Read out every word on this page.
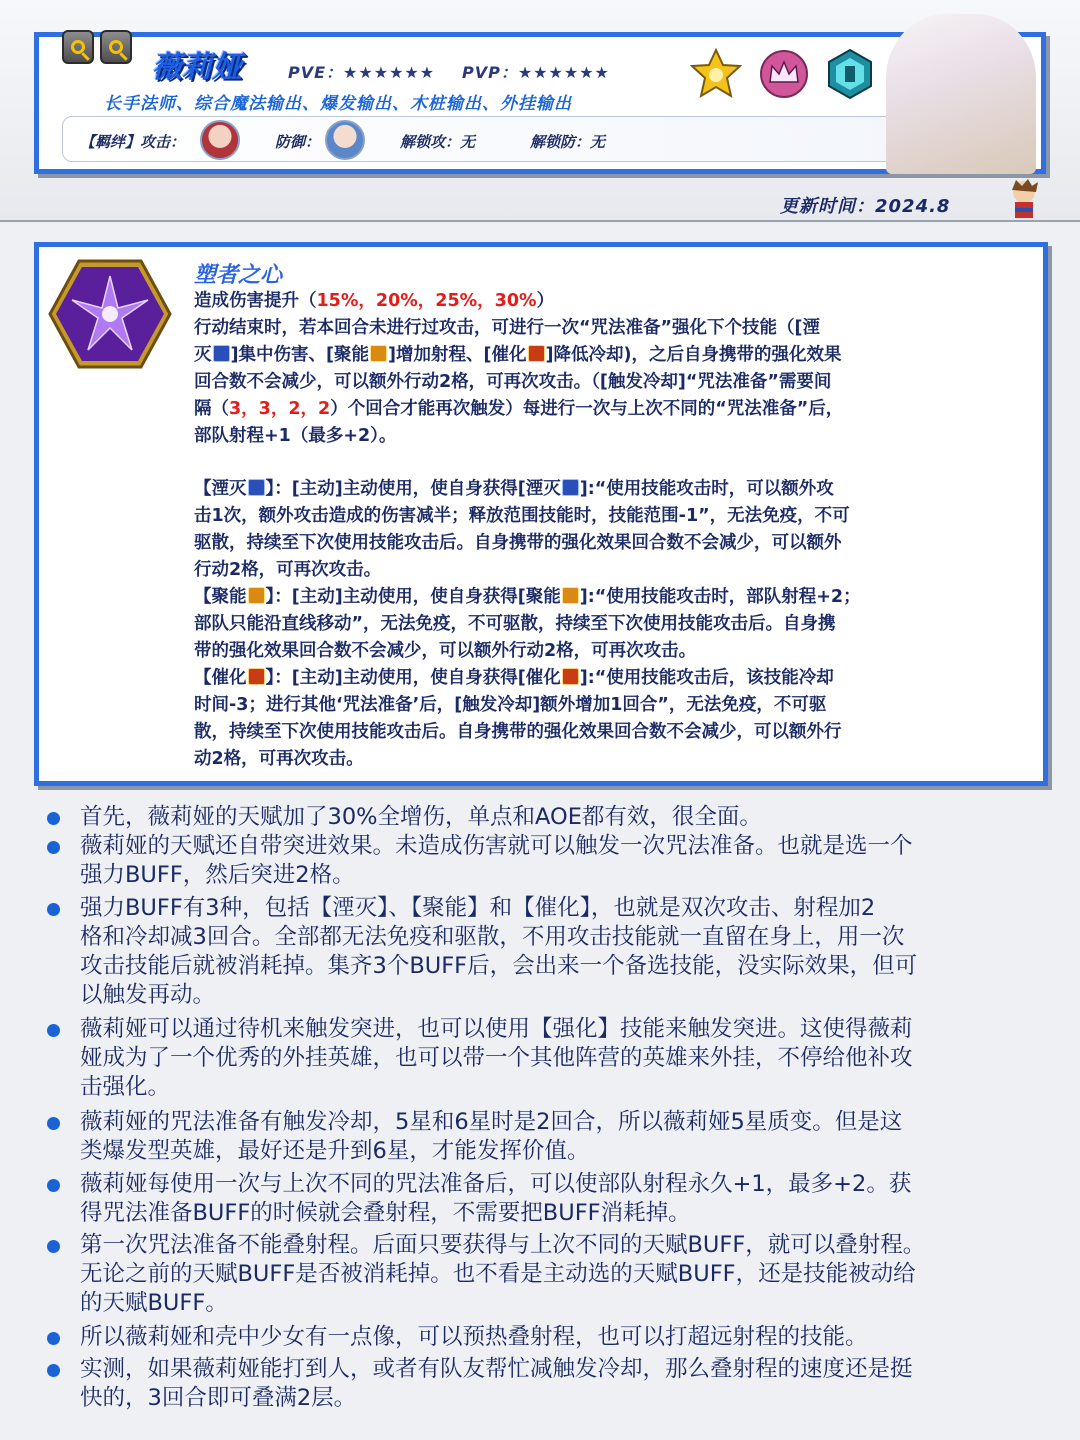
薇莉娅	PVE：★★★★★★ PVP：★★★★★★
长手法师、综合魔法输出、爆发输出、木桩输出、外挂输出
【羁绊】攻击：	防御：	解锁攻：无	解锁防：无
更新时间：2024.8
塑者之心
造成伤害提升（15%，20%，25%，30%）
行动结束时，若本回合未进行过攻击，可进行一次“咒法准备”强化下个技能（[湮
灭 ]集中伤害、[聚能 ]增加射程、[催化 ]降低冷却)，之后自身携带的强化效果
回合数不会减少，可以额外行动2格，可再次攻击。（[触发冷却]“咒法准备”需要间
隔（3，3，2，2）个回合才能再次触发）每进行一次与上次不同的“咒法准备”后，
部队射程+1（最多+2）。
【湮灭 】：[主动]主动使用，使自身获得[湮灭 ]:“使用技能攻击时，可以额外攻
击1次，额外攻击造成的伤害减半；释放范围技能时，技能范围-1”，无法免疫，不可
驱散，持续至下次使用技能攻击后。自身携带的强化效果回合数不会减少，可以额外
行动2格，可再次攻击。
【聚能 】：[主动]主动使用，使自身获得[聚能 ]:“使用技能攻击时，部队射程+2；
部队只能沿直线移动”，无法免疫，不可驱散，持续至下次使用技能攻击后。自身携
带的强化效果回合数不会减少，可以额外行动2格，可再次攻击。
【催化 】：[主动]主动使用，使自身获得[催化 ]:“使用技能攻击后，该技能冷却
时间-3；进行其他‘咒法准备’后，[触发冷却]额外增加1回合”，无法免疫，不可驱
散，持续至下次使用技能攻击后。自身携带的强化效果回合数不会减少，可以额外行
动2格，可再次攻击。
首先，薇莉娅的天赋加了30%全增伤，单点和AOE都有效，很全面。
薇莉娅的天赋还自带突进效果。未造成伤害就可以触发一次咒法准备。也就是选一个
强力BUFF，然后突进2格。
强力BUFF有3种，包括【湮灭】、【聚能】和【催化】，也就是双次攻击、射程加2
格和冷却减3回合。全部都无法免疫和驱散，不用攻击技能就一直留在身上，用一次
攻击技能后就被消耗掉。集齐3个BUFF后，会出来一个备选技能，没实际效果，但可
以触发再动。
薇莉娅可以通过待机来触发突进，也可以使用【强化】技能来触发突进。这使得薇莉
娅成为了一个优秀的外挂英雄，也可以带一个其他阵营的英雄来外挂，不停给他补攻
击强化。
薇莉娅的咒法准备有触发冷却，5星和6星时是2回合，所以薇莉娅5星质变。但是这
类爆发型英雄，最好还是升到6星，才能发挥价值。
薇莉娅每使用一次与上次不同的咒法准备后，可以使部队射程永久+1，最多+2。获
得咒法准备BUFF的时候就会叠射程，不需要把BUFF消耗掉。
第一次咒法准备不能叠射程。后面只要获得与上次不同的天赋BUFF，就可以叠射程。
无论之前的天赋BUFF是否被消耗掉。也不看是主动选的天赋BUFF，还是技能被动给
的天赋BUFF。
所以薇莉娅和壳中少女有一点像，可以预热叠射程，也可以打超远射程的技能。
实测，如果薇莉娅能打到人，或者有队友帮忙减触发冷却，那么叠射程的速度还是挺
快的，3回合即可叠满2层。
